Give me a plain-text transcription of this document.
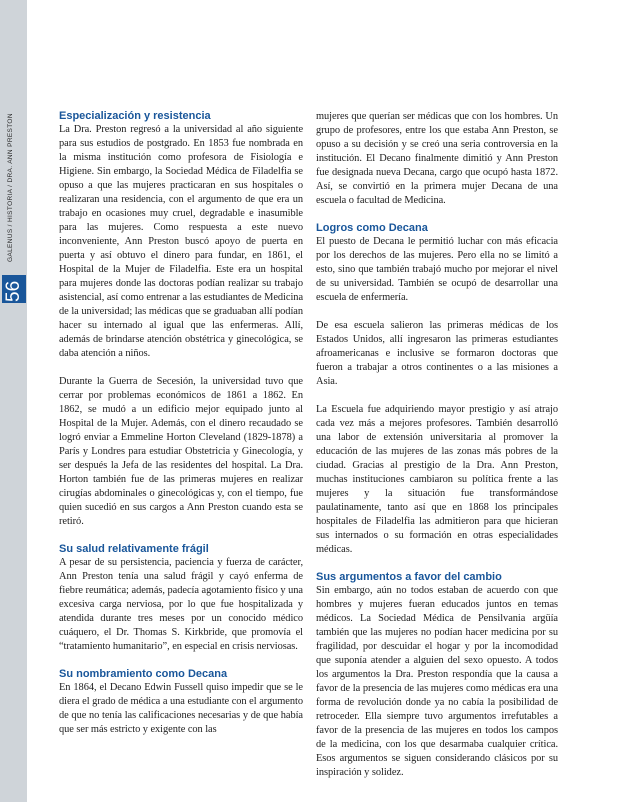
GALENUS / HISTORIA / DRA. ANN PRESTON
56
Especialización y resistencia

La Dra. Preston regresó a la universidad al año siguiente para sus estudios de postgrado. En 1853 fue nombrada en la misma institución como profesora de Fisiología e Higiene. Sin embargo, la Sociedad Médica de Filadelfia se opuso a que las mujeres practicaran en sus hospitales o realizaran una residencia, con el argumento de que era un trabajo en ocasiones muy cruel, degradable e inasumible para las mujeres. Como respuesta a este nuevo inconveniente, Ann Preston buscó apoyo de puerta en puerta y así obtuvo el dinero para fundar, en 1861, el Hospital de la Mujer de Filadelfia. Este era un hospital para mujeres donde las doctoras podían realizar su trabajo asistencial, así como entrenar a las estudiantes de Medicina de la universidad; las médicas que se graduaban allí podían hacer su internado al igual que las enfermeras. Allí, además de brindarse atención obstétrica y ginecológica, se daba atención a niños.

Durante la Guerra de Secesión, la universidad tuvo que cerrar por problemas económicos de 1861 a 1862. En 1862, se mudó a un edificio mejor equipado junto al Hospital de la Mujer. Además, con el dinero recaudado se logró enviar a Emmeline Horton Cleveland (1829-1878) a París y Londres para estudiar Obstetricia y Ginecología, y ser después la Jefa de las residentes del hospital. La Dra. Horton también fue de las primeras mujeres en realizar cirugías abdominales o ginecológicas y, con el tiempo, fue quien sucedió en sus cargos a Ann Preston cuando esta se retiró.

Su salud relativamente frágil

A pesar de su persistencia, paciencia y fuerza de carácter, Ann Preston tenía una salud frágil y cayó enferma de fiebre reumática; además, padecía agotamiento físico y una excesiva carga nerviosa, por lo que fue hospitalizada y atendida durante tres meses por un conocido médico cuáquero, el Dr. Thomas S. Kirkbride, que promovía el “tratamiento humanitario”, en especial en crisis nerviosas.

Su nombramiento como Decana

En 1864, el Decano Edwin Fussell quiso impedir que se le diera el grado de médica a una estudiante con el argumento de que no tenía las calificaciones necesarias y de que había que ser más estricto y exigente con las

mujeres que querían ser médicas que con los hombres. Un grupo de profesores, entre los que estaba Ann Preston, se opuso a su decisión y se creó una seria controversia en la institución. El Decano finalmente dimitió y Ann Preston fue designada nueva Decana, cargo que ocupó hasta 1872. Así, se convirtió en la primera mujer Decana de una escuela o facultad de Medicina.

Logros como Decana

El puesto de Decana le permitió luchar con más eficacia por los derechos de las mujeres. Pero ella no se limitó a esto, sino que también trabajó mucho por mejorar el nivel de su universidad. También se ocupó de desarrollar una escuela de enfermería.

De esa escuela salieron las primeras médicas de los Estados Unidos, allí ingresaron las primeras estudiantes afroamericanas e inclusive se formaron doctoras que fueron a trabajar a otros continentes o a las misiones a Asia.

La Escuela fue adquiriendo mayor prestigio y así atrajo cada vez más a mejores profesores. También desarrolló una labor de extensión universitaria al promover la educación de las mujeres de las zonas más pobres de la ciudad. Gracias al prestigio de la Dra. Ann Preston, muchas instituciones cambiaron su política frente a las mujeres y la situación fue transformándose paulatinamente, tanto así que en 1868 los principales hospitales de Filadelfia las admitieron para que hicieran sus internados o su formación en otras especialidades médicas.

Sus argumentos a favor del cambio

Sin embargo, aún no todos estaban de acuerdo con que hombres y mujeres fueran educados juntos en temas médicos. La Sociedad Médica de Pensilvania argüía también que las mujeres no podían hacer medicina por su fragilidad, por descuidar el hogar y por la incomodidad que suponía atender a alguien del sexo opuesto. A todos los argumentos la Dra. Preston respondía que la causa a favor de la presencia de las mujeres como médicas era una forma de revolución donde ya no cabía la posibilidad de retroceder. Ella siempre tuvo argumentos irrefutables a favor de la presencia de las mujeres en todos los campos de la medicina, con los que desarmaba cualquier crítica. Esos argumentos se siguen considerando clásicos por su inspiración y solidez.
